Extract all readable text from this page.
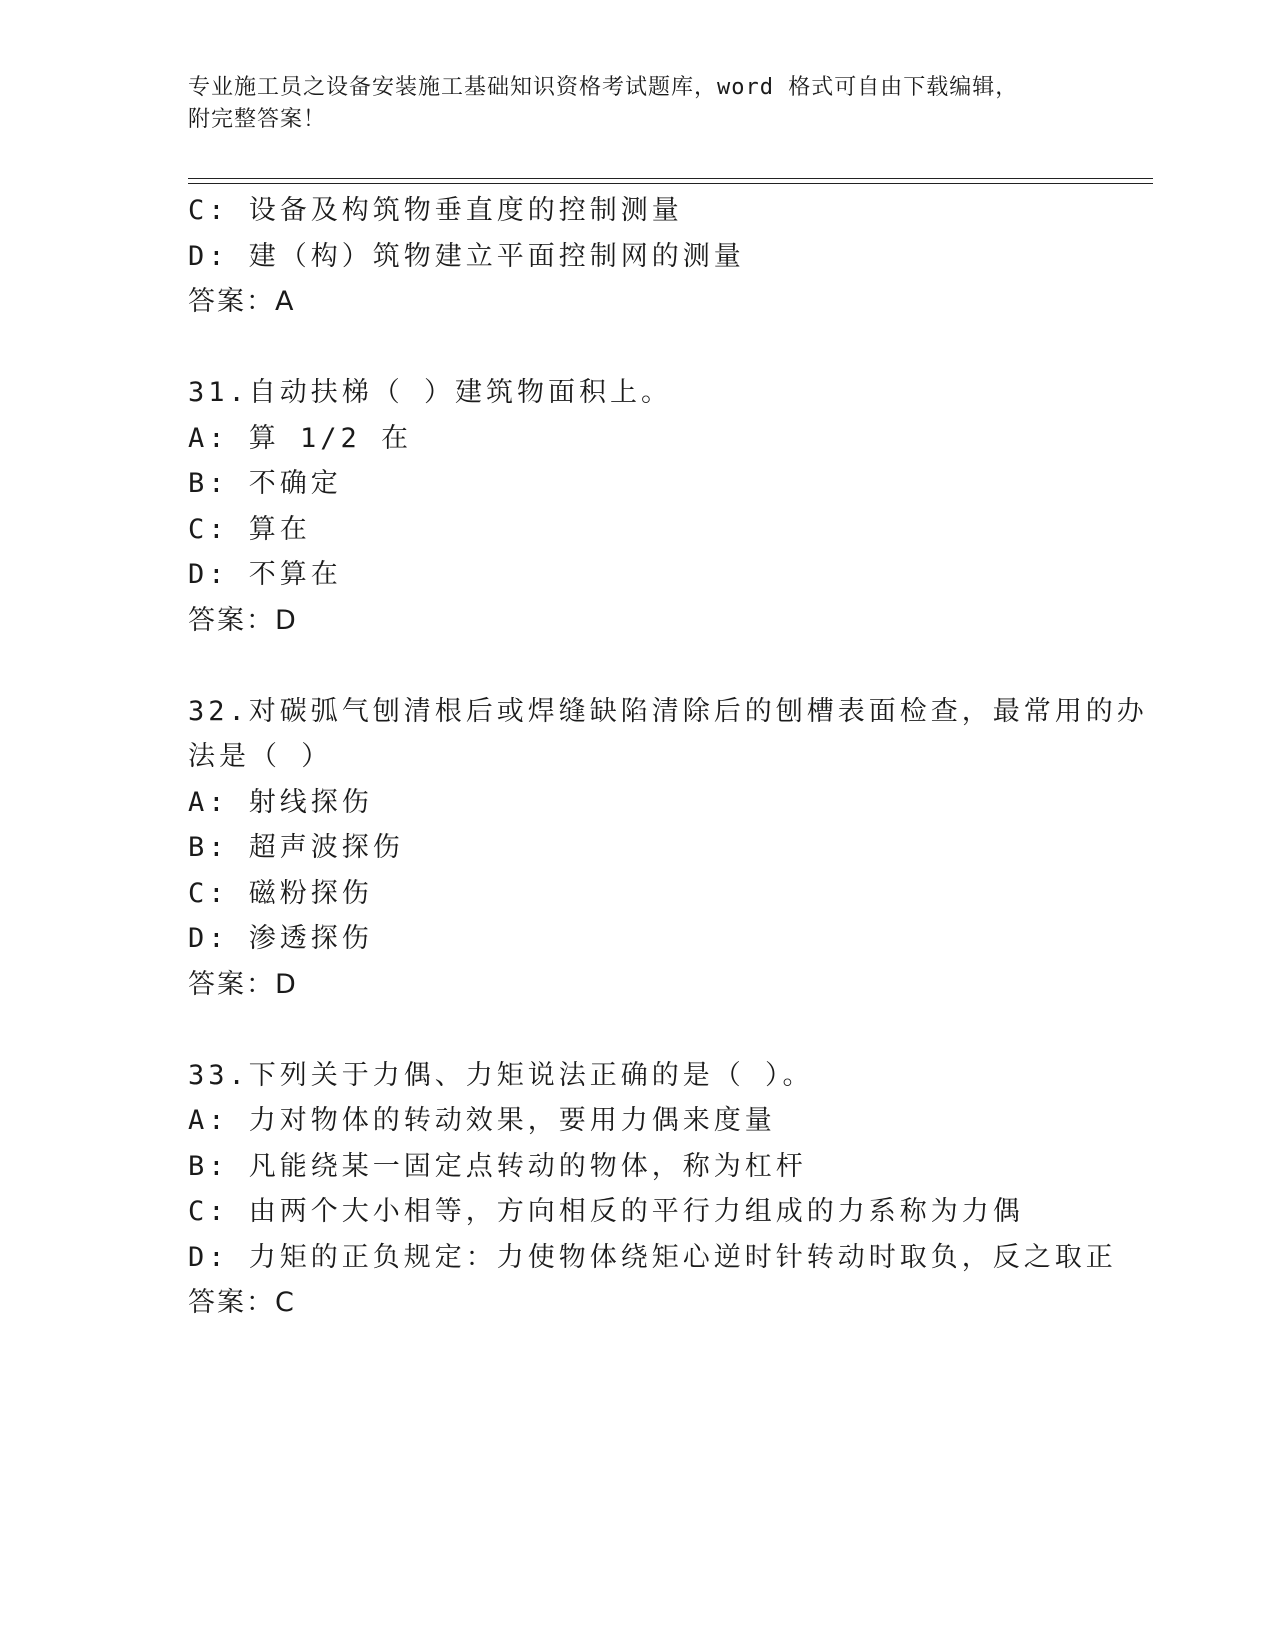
专业施工员之设备安装施工基础知识资格考试题库，word 格式可自由下载编辑，
附完整答案！
C: 设备及构筑物垂直度的控制测量
D: 建（构）筑物建立平面控制网的测量
答案：A
31.自动扶梯（ ）建筑物面积上。
A: 算 1/2 在
B: 不确定
C: 算在
D: 不算在
答案：D
32.对碳弧气刨清根后或焊缝缺陷清除后的刨槽表面检查，最常用的办
法是（ ）
A: 射线探伤
B: 超声波探伤
C: 磁粉探伤
D: 渗透探伤
答案：D
33.下列关于力偶、力矩说法正确的是（ ）。
A: 力对物体的转动效果，要用力偶来度量
B: 凡能绕某一固定点转动的物体，称为杠杆
C: 由两个大小相等，方向相反的平行力组成的力系称为力偶
D: 力矩的正负规定：力使物体绕矩心逆时针转动时取负，反之取正
答案：C
